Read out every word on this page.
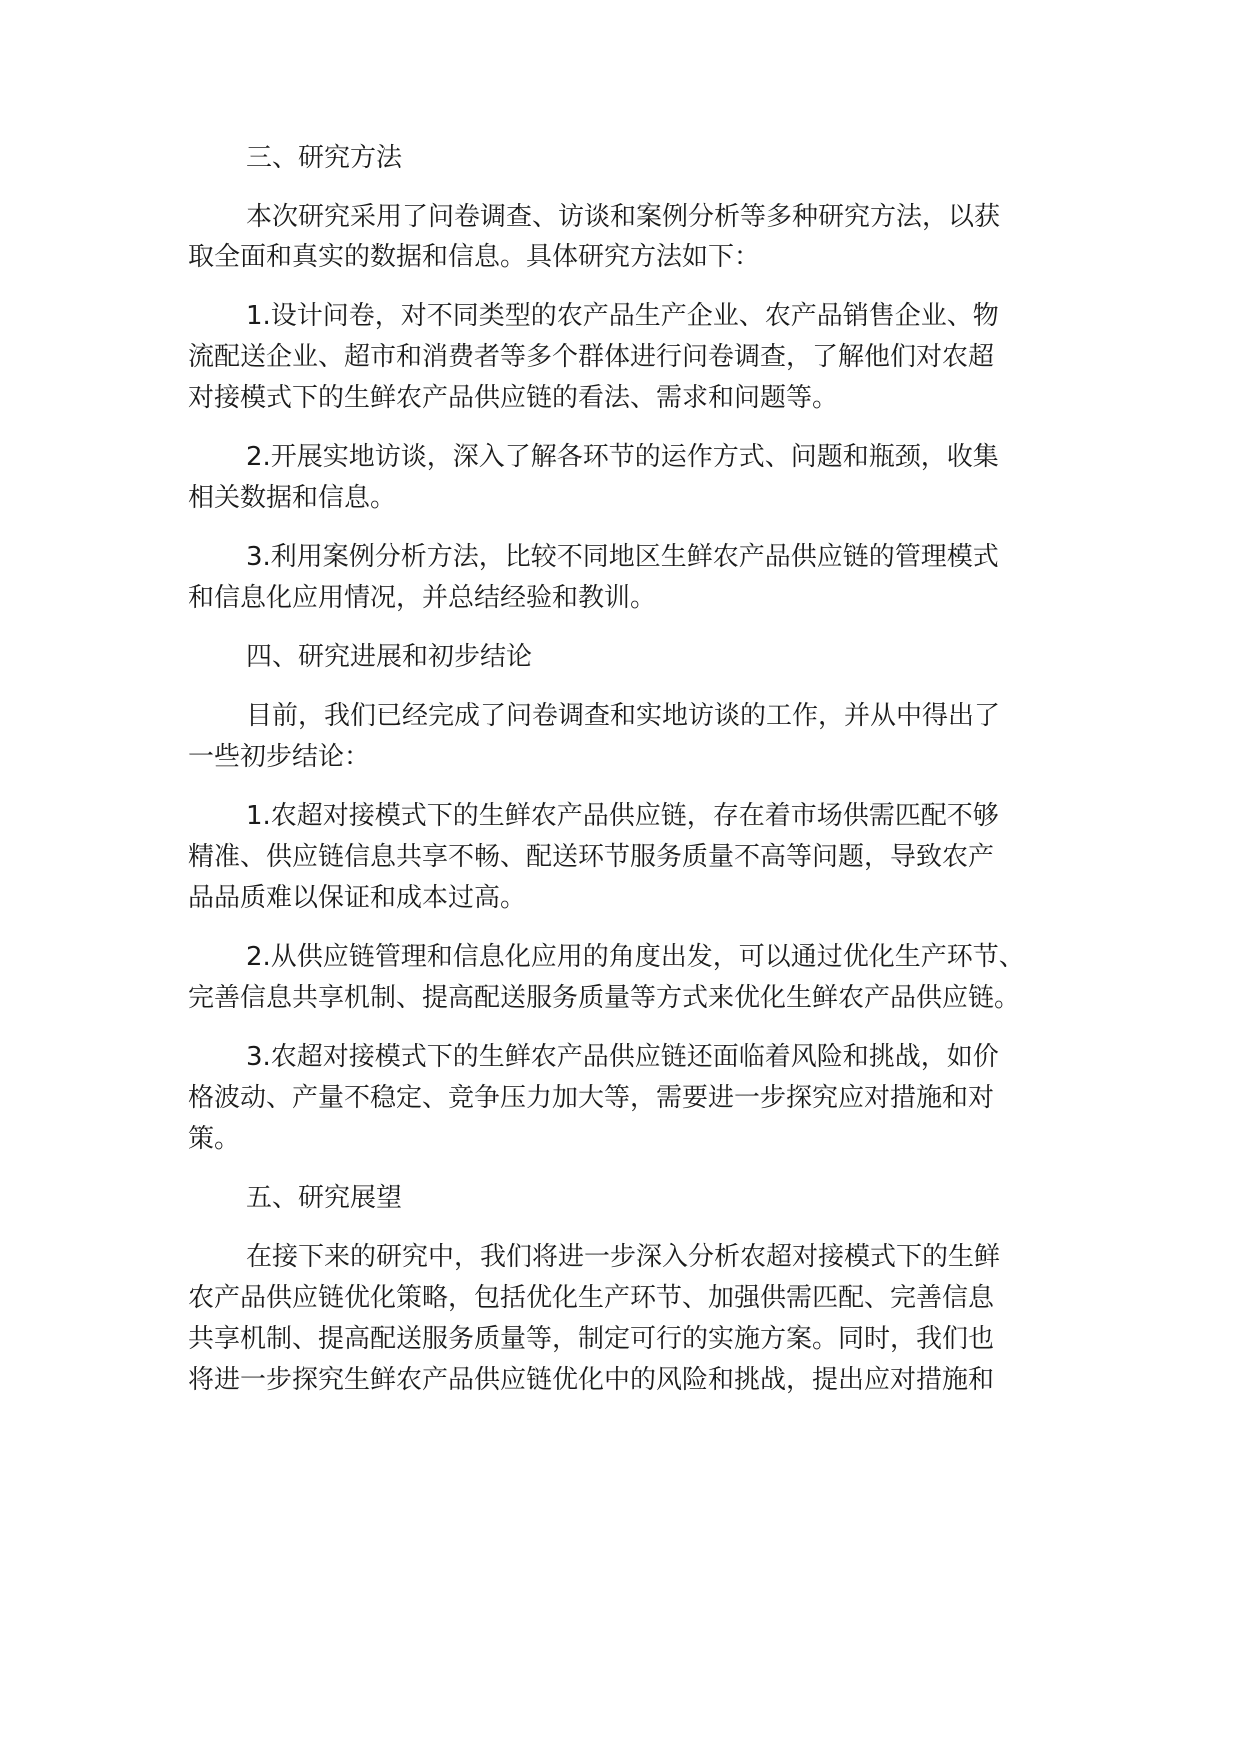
三、研究方法
本次研究采用了问卷调查、访谈和案例分析等多种研究方法，以获
取全面和真实的数据和信息。具体研究方法如下：
1.设计问卷，对不同类型的农产品生产企业、农产品销售企业、物
流配送企业、超市和消费者等多个群体进行问卷调查，了解他们对农超
对接模式下的生鲜农产品供应链的看法、需求和问题等。
2.开展实地访谈，深入了解各环节的运作方式、问题和瓶颈，收集
相关数据和信息。
3.利用案例分析方法，比较不同地区生鲜农产品供应链的管理模式
和信息化应用情况，并总结经验和教训。
四、研究进展和初步结论
目前，我们已经完成了问卷调查和实地访谈的工作，并从中得出了
一些初步结论：
1.农超对接模式下的生鲜农产品供应链，存在着市场供需匹配不够
精准、供应链信息共享不畅、配送环节服务质量不高等问题，导致农产
品品质难以保证和成本过高。
2.从供应链管理和信息化应用的角度出发，可以通过优化生产环节、
完善信息共享机制、提高配送服务质量等方式来优化生鲜农产品供应链。
3.农超对接模式下的生鲜农产品供应链还面临着风险和挑战，如价
格波动、产量不稳定、竞争压力加大等，需要进一步探究应对措施和对
策。
五、研究展望
在接下来的研究中，我们将进一步深入分析农超对接模式下的生鲜
农产品供应链优化策略，包括优化生产环节、加强供需匹配、完善信息
共享机制、提高配送服务质量等，制定可行的实施方案。同时，我们也
将进一步探究生鲜农产品供应链优化中的风险和挑战，提出应对措施和
